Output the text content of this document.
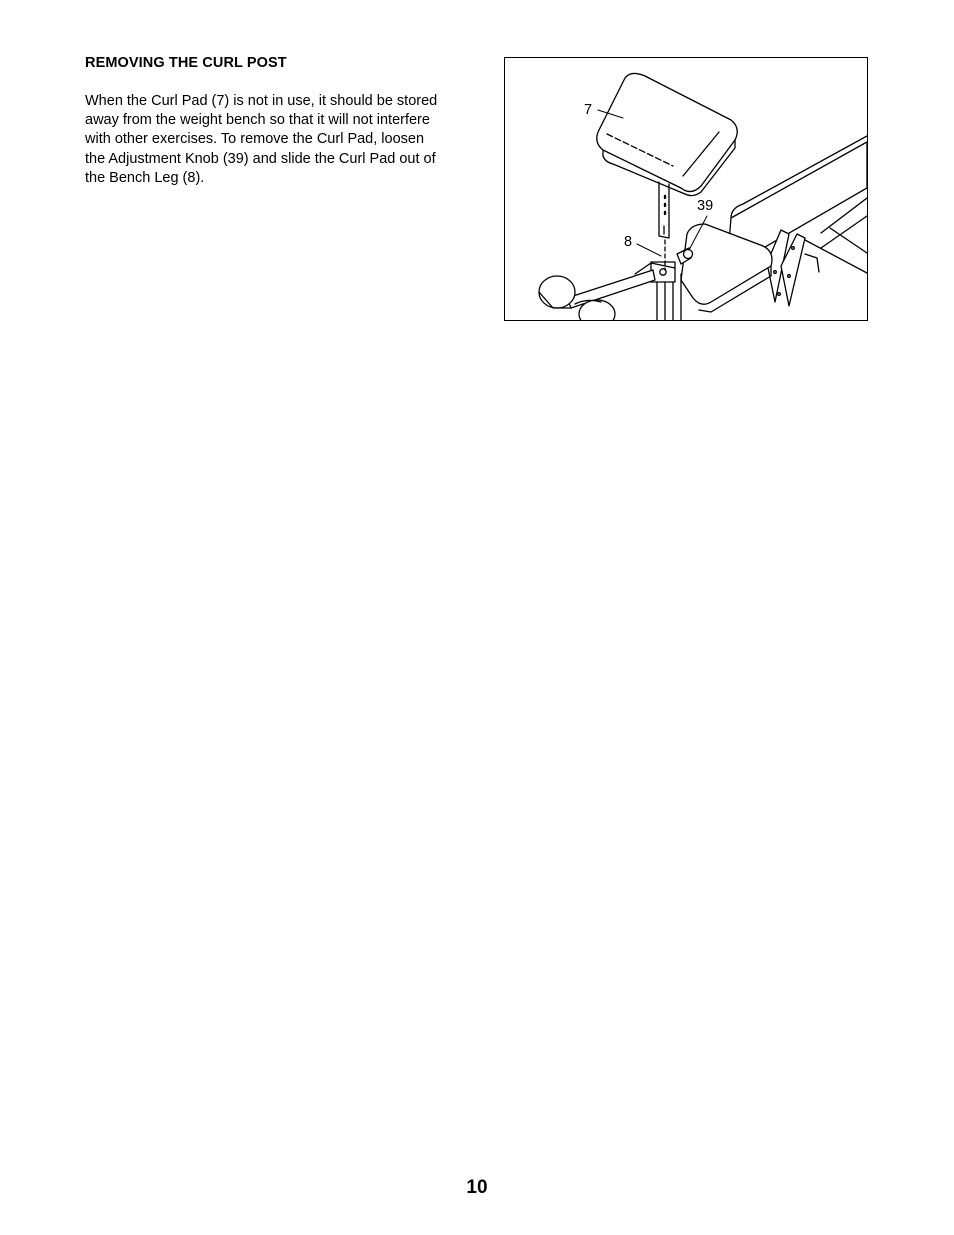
REMOVING THE CURL POST
When the Curl Pad (7) is not in use, it should be stored
away from the weight bench so that it will not interfere
with other exercises. To remove the Curl Pad, loosen
the Adjustment Knob (39) and slide the Curl Pad out of
the Bench Leg (8).
7
8
39
10
